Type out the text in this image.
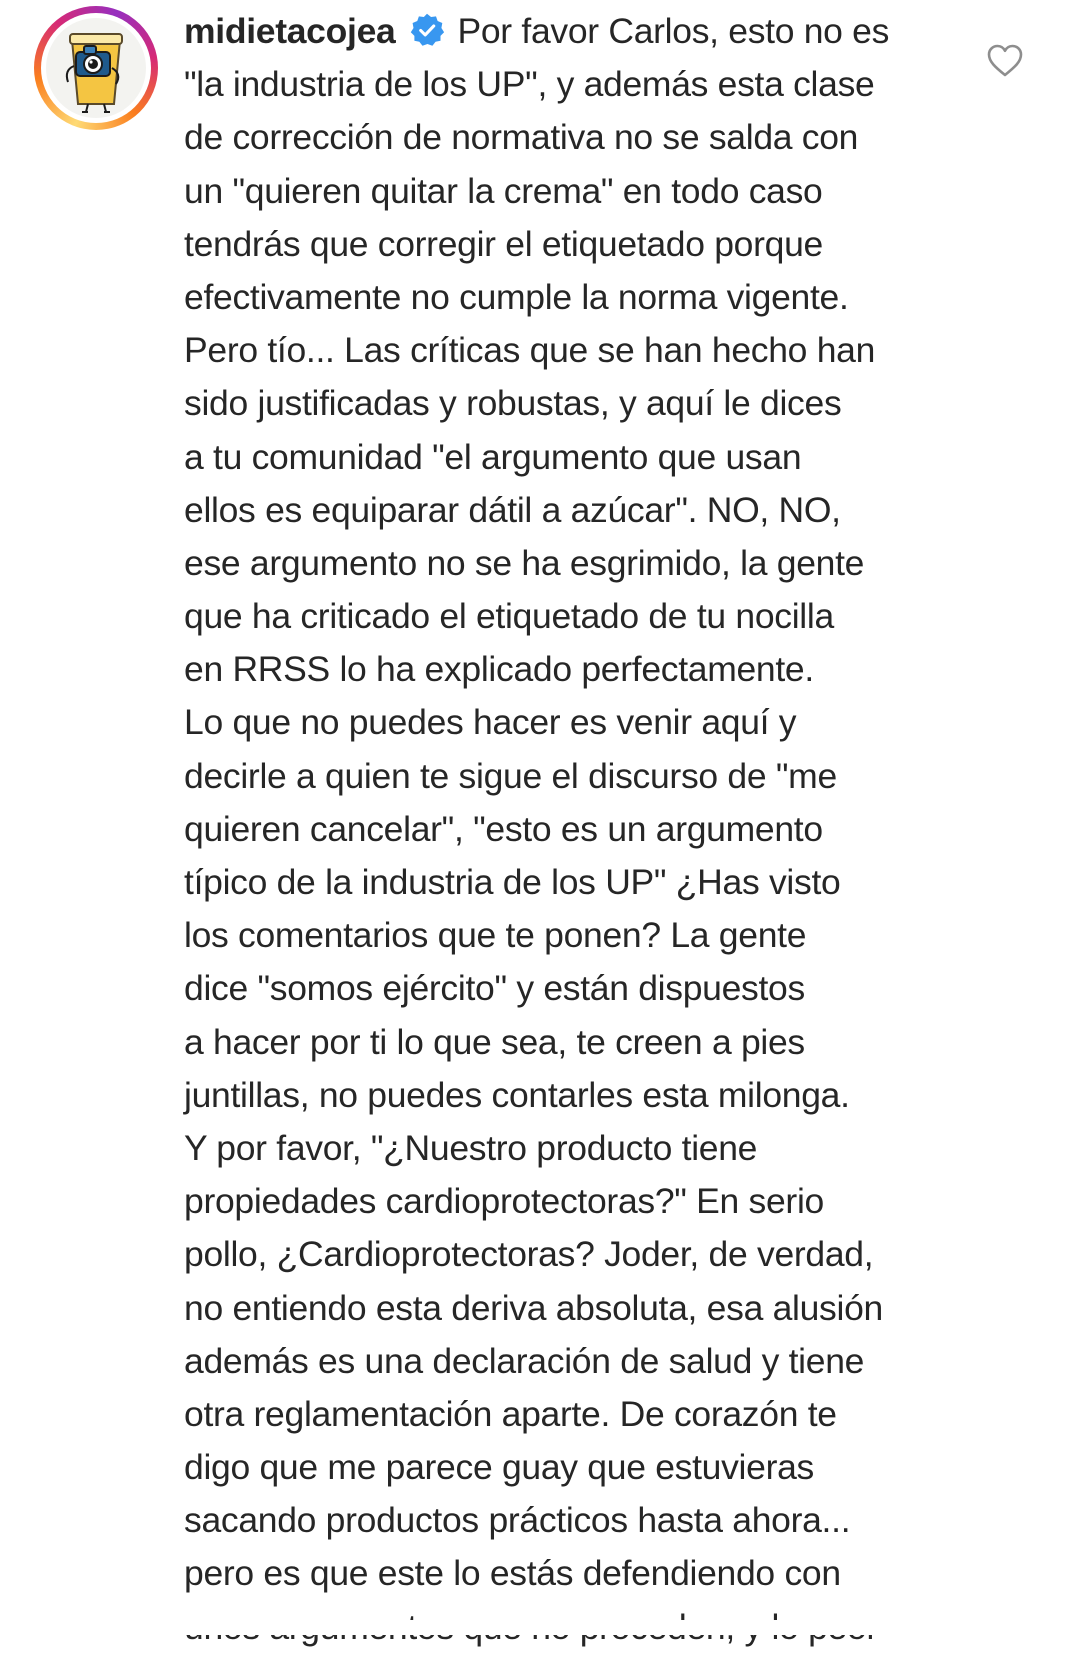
midietacojea Por favor Carlos, esto no es
"la industria de los UP", y además esta clase
de corrección de normativa no se salda con
un "quieren quitar la crema" en todo caso
tendrás que corregir el etiquetado porque
efectivamente no cumple la norma vigente.
Pero tío... Las críticas que se han hecho han
sido justificadas y robustas, y aquí le dices
a tu comunidad "el argumento que usan
ellos es equiparar dátil a azúcar". NO, NO,
ese argumento no se ha esgrimido, la gente
que ha criticado el etiquetado de tu nocilla
en RRSS lo ha explicado perfectamente.
Lo que no puedes hacer es venir aquí y
decirle a quien te sigue el discurso de "me
quieren cancelar", "esto es un argumento
típico de la industria de los UP" ¿Has visto
los comentarios que te ponen? La gente
dice "somos ejército" y están dispuestos
a hacer por ti lo que sea, te creen a pies
juntillas, no puedes contarles esta milonga.
Y por favor, "¿Nuestro producto tiene
propiedades cardioprotectoras?" En serio
pollo, ¿Cardioprotectoras? Joder, de verdad,
no entiendo esta deriva absoluta, esa alusión
además es una declaración de salud y tiene
otra reglamentación aparte. De corazón te
digo que me parece guay que estuvieras
sacando productos prácticos hasta ahora...
pero es que este lo estás defendiendo con
